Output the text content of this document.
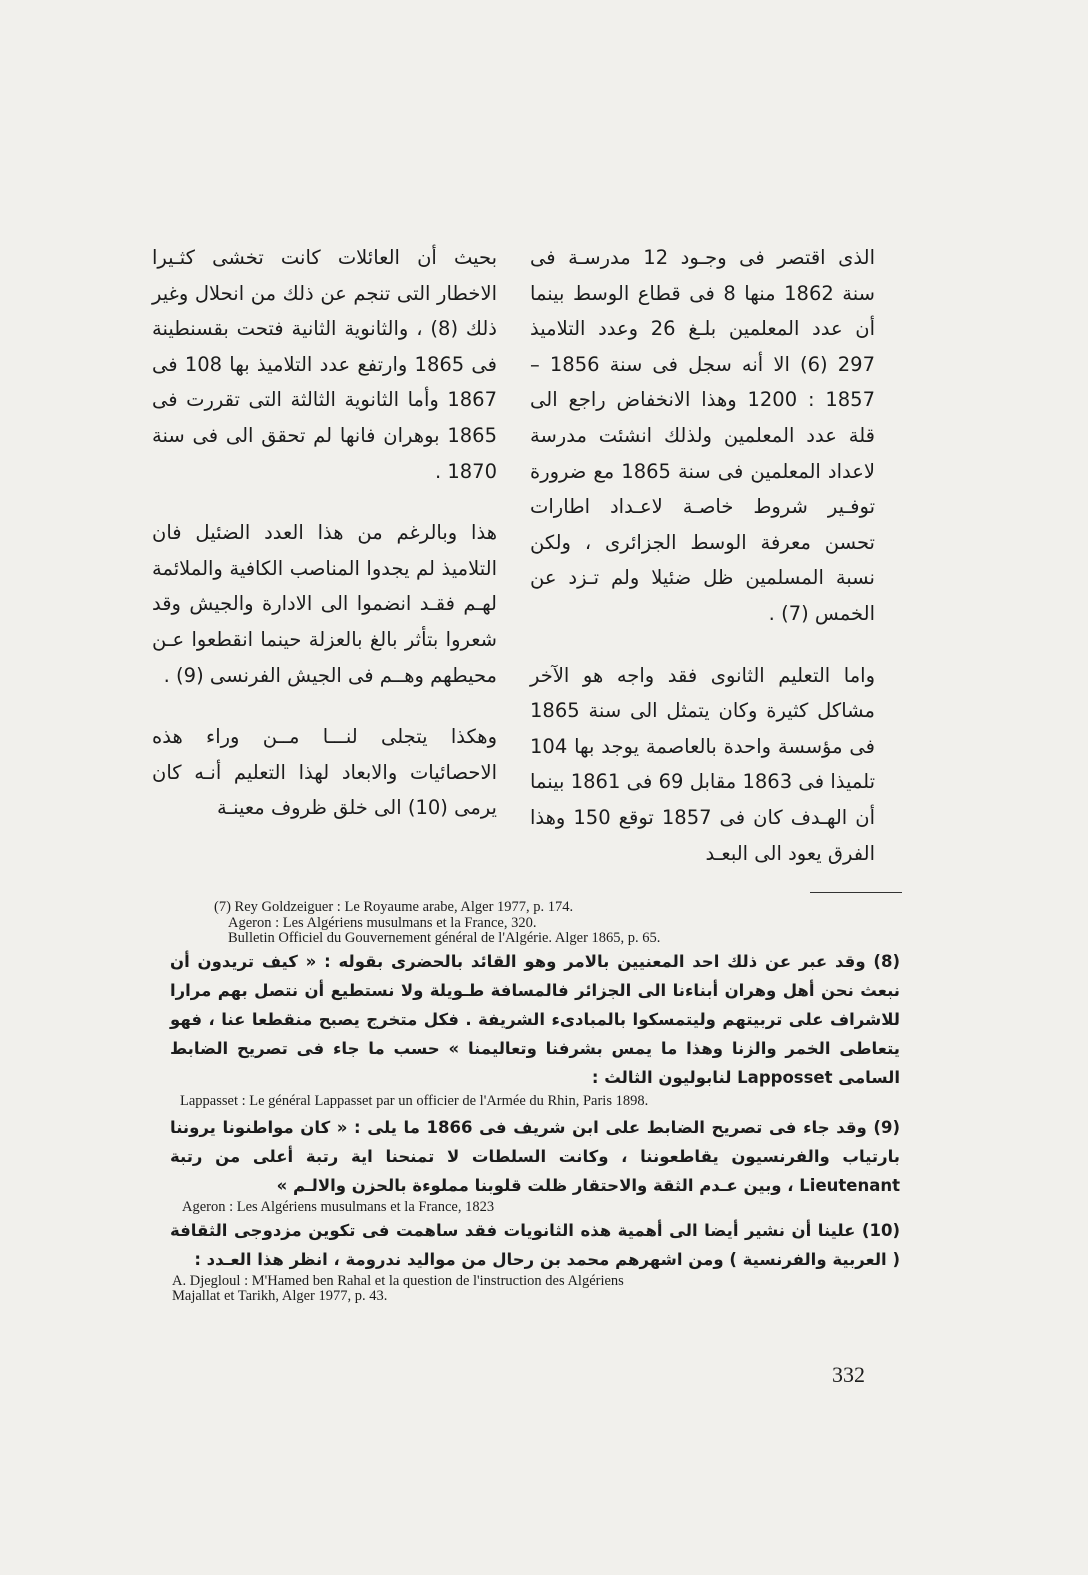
الذى اقتصر فى وجـود 12 مدرسـة فى سنة 1862 منها 8 فى قطاع الوسط بينما أن عدد المعلمين بلـغ 26 وعدد التلاميذ 297 (6) الا أنه سجل فى سنة 1856 – 1857 : 1200 وهذا الانخفاض راجع الى قلة عدد المعلمين ولذلك انشئت مدرسة لاعداد المعلمين فى سنة 1865 مع ضرورة توفـير شروط خاصـة لاعـداد اطارات تحسن معرفة الوسط الجزائرى ، ولكن نسبة المسلمين ظل ضئيلا ولم تـزد عن الخمس (7) .

واما التعليم الثانوى فقد واجه هو الآخر مشاكل كثيرة وكان يتمثل الى سنة 1865 فى مؤسسة واحدة بالعاصمة يوجد بها 104 تلميذا فى 1863 مقابل 69 فى 1861 بينما أن الهـدف كان فى 1857 توقع 150 وهذا الفرق يعود الى البعـد

بحيث أن العائلات كانت تخشى كثـيرا الاخطار التى تنجم عن ذلك من انحلال وغير ذلك (8) ، والثانوية الثانية فتحت بقسنطينة فى 1865 وارتفع عدد التلاميذ بها 108 فى 1867 وأما الثانوية الثالثة التى تقررت فى 1865 بوهران فانها لم تحقق الى فى سنة 1870 .

هذا وبالرغم من هذا العدد الضئيل فان التلاميذ لم يجدوا المناصب الكافية والملائمة لهـم فقـد انضموا الى الادارة والجيش وقد شعروا بتأثر بالغ بالعزلة حينما انقطعوا عـن محيطهم وهــم فى الجيش الفرنسى (9) .

وهكذا يتجلى لنـــا مــن وراء هذه الاحصائيات والابعاد لهذا التعليم أنـه كان يرمى (10) الى خلق ظروف معينـة

(7) Rey Goldzeiguer : Le Royaume arabe, Alger 1977, p. 174.
Ageron : Les Algériens musulmans et la France, 320.
Bulletin Officiel du Gouvernement général de l'Algérie. Alger 1865, p. 65.
(8) وقد عبر عن ذلك احد المعنيين بالامر وهو القائد بالحضرى بقوله : « كيف تريدون أن نبعث نحن أهل وهران أبناءنا الى الجزائر فالمسافة طـويلة ولا نستطيع أن نتصل بهم مرارا للاشراف على تربيتهم وليتمسكوا بالمبادىء الشريفة . فكل متخرج يصبح منقطعا عنا ، فهو يتعاطى الخمر والزنا وهذا ما يمس بشرفنا وتعاليمنا » حسب ما جاء فى تصريح الضابط السامى Lapposset لنابوليون الثالث :
Lappasset : Le général Lappasset par un officier de l'Armée du Rhin, Paris 1898.
(9) وقد جاء فى تصريح الضابط على ابن شريف فى 1866 ما يلى : « كان مواطنونا يروننا بارتياب والفرنسيون يقاطعوننا ، وكانت السلطات لا تمنحنا اية رتبة أعلى من رتبة Lieutenant ، وبين عـدم الثقة والاحتقار ظلت قلوبنا مملوءة بالحزن والالـم »
Ageron : Les Algériens musulmans et la France, 1823
(10) علينا أن نشير أيضا الى أهمية هذه الثانويات فقد ساهمت فى تكوين مزدوجى الثقافة ( العربية والفرنسية ) ومن اشهرهم محمد بن رحال من مواليد ندرومة ، انظر هذا العـدد :
A. Djegloul : M'Hamed ben Rahal et la question de l'instruction des Algériens
Majallat et Tarikh, Alger 1977, p. 43.
332
